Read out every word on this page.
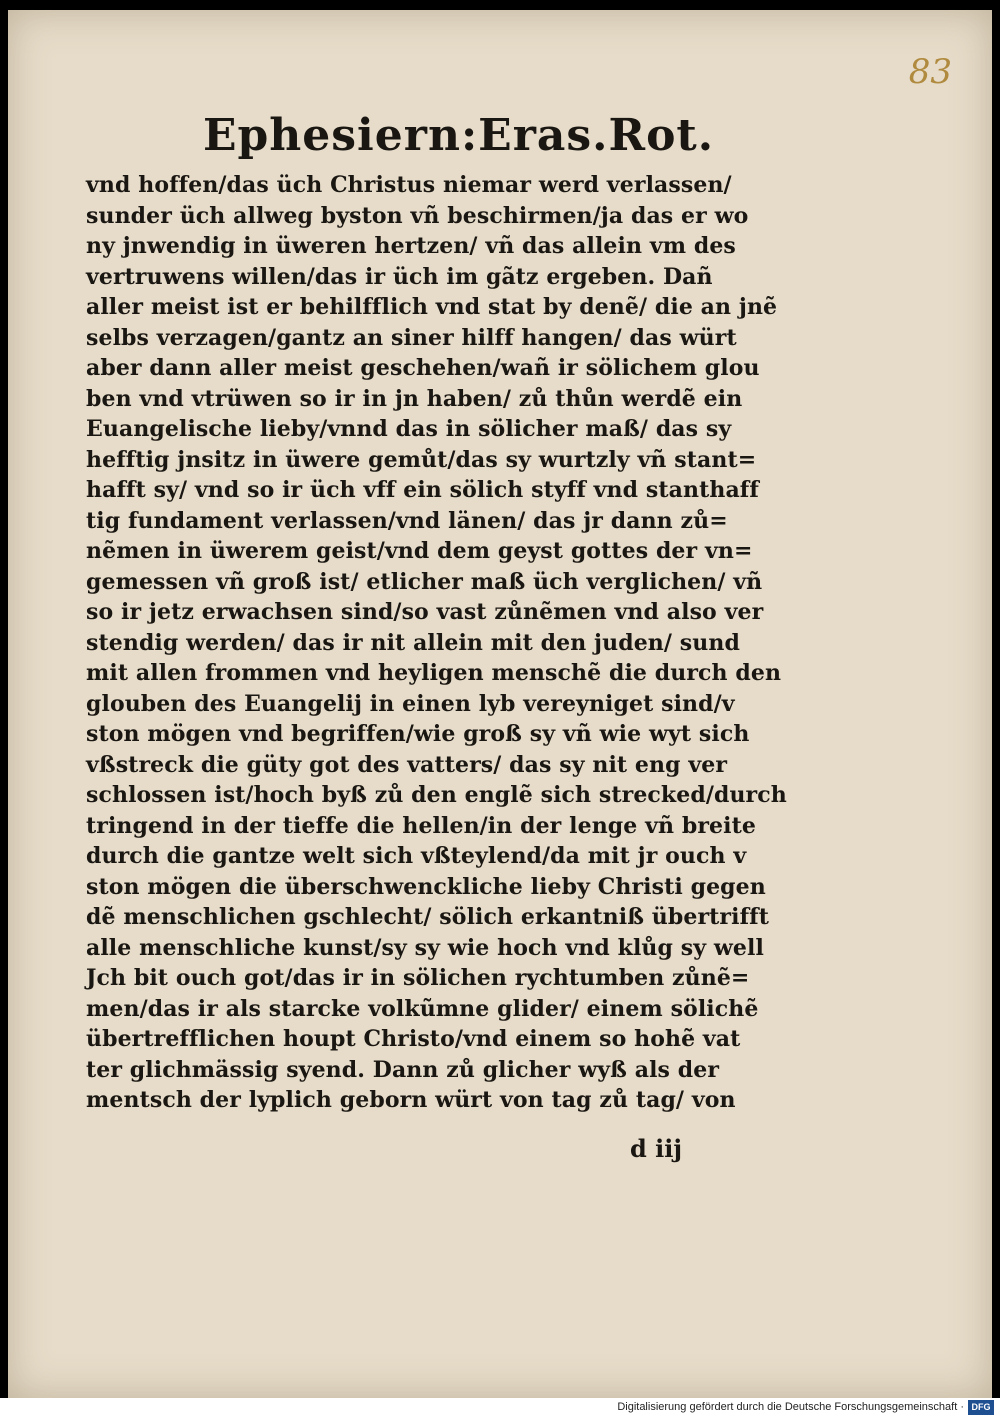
83
Ephesiern:Eras.Rot.
vnd hoffen/das üch Christus niemar werd verlassen/
sunder üch allweg byston vñ beschirmen/ja das er wo
ny jnwendig in üweren hertzen/ vñ das allein vm des
vertruwens willen/das ir üch im gãtz ergeben. Dañ
aller meist ist er behilfflich vnd stat by denẽ/ die an jnẽ
selbs verzagen/gantz an siner hilff hangen/ das würt
aber dann aller meist geschehen/wañ ir sölichem glou
ben vnd vtrüwen so ir in jn haben/ zů thůn werdẽ ein
Euangelische lieby/vnnd das in sölicher maß/ das sy
hefftig jnsitz in üwere gemůt/das sy wurtzly vñ stant=
hafft sy/ vnd so ir üch vff ein sölich styff vnd stanthaff
tig fundament verlassen/vnd länen/ das jr dann zů=
nẽmen in üwerem geist/vnd dem geyst gottes der vn=
gemessen vñ groß ist/ etlicher maß üch verglichen/ vñ
so ir jetz erwachsen sind/so vast zůnẽmen vnd also ver
stendig werden/ das ir nit allein mit den juden/ sund
mit allen frommen vnd heyligen menschẽ die durch den
glouben des Euangelij in einen lyb vereyniget sind/v
ston mögen vnd begriffen/wie groß sy vñ wie wyt sich
vßstreck die güty got des vatters/ das sy nit eng ver
schlossen ist/hoch byß zů den englẽ sich strecked/durch
tringend in der tieffe die hellen/in der lenge vñ breite
durch die gantze welt sich vßteylend/da mit jr ouch v
ston mögen die überschwenckliche lieby Christi gegen
dẽ menschlichen gschlecht/ sölich erkantniß übertrifft
alle menschliche kunst/sy sy wie hoch vnd klůg sy well
Jch bit ouch got/das ir in sölichen rychtumben zůnẽ=
men/das ir als starcke volkũmne glider/ einem sölichẽ
übertrefflichen houpt Christo/vnd einem so hohẽ vat
ter glichmässig syend. Dann zů glicher wyß als der
mentsch der lyplich geborn würt von tag zů tag/ von
d iij
Digitalisierung gefördert durch die Deutsche Forschungsgemeinschaft · DFG
